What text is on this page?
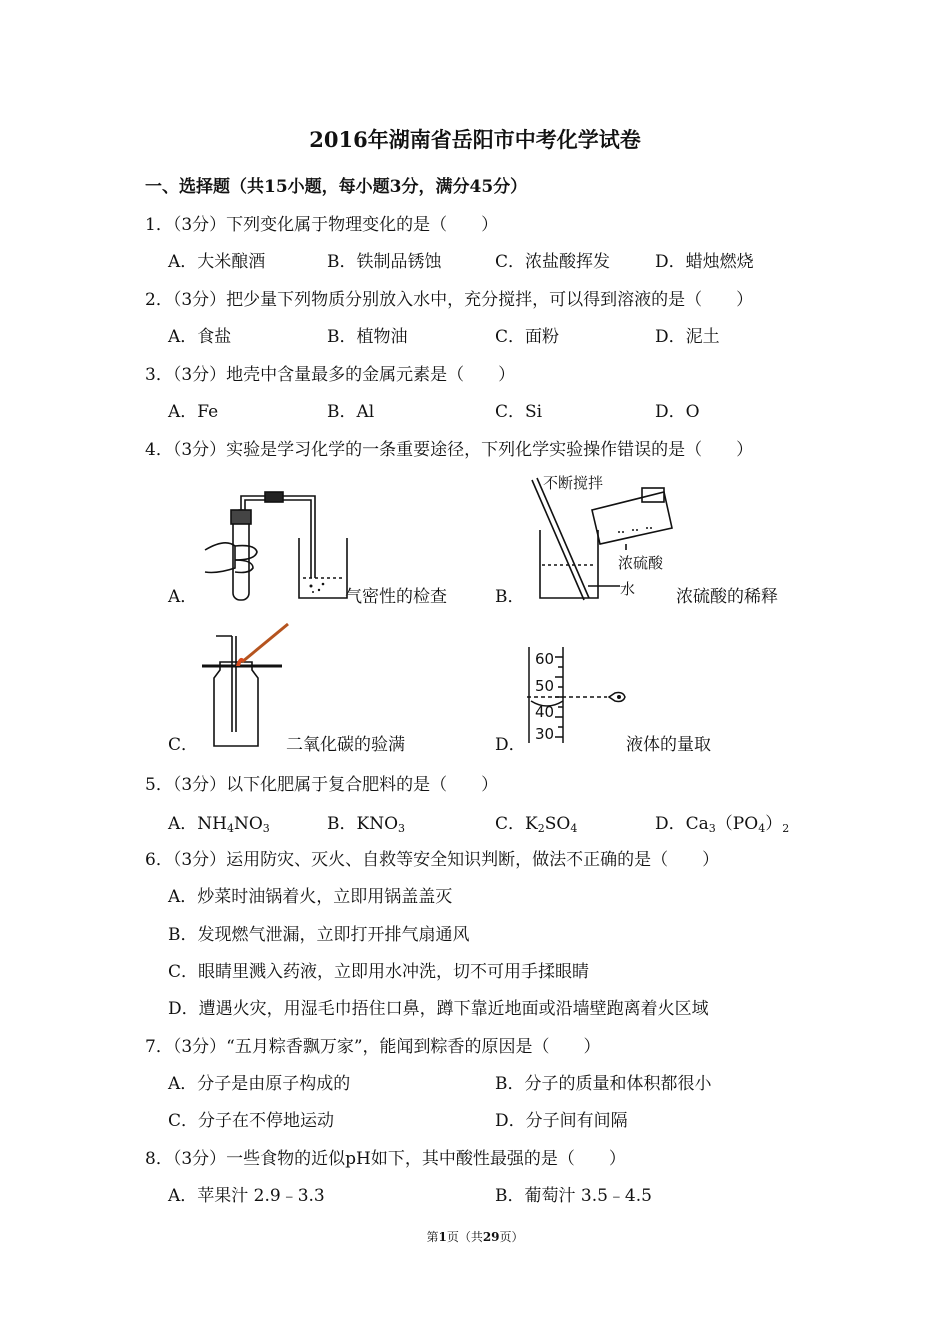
2016年湖南省岳阳市中考化学试卷
一、选择题（共15小题，每小题3分，满分45分）
1．（3分）下列变化属于物理变化的是（　　）
A．大米酿酒	B．铁制品锈蚀	C．浓盐酸挥发	D．蜡烛燃烧
2．（3分）把少量下列物质分别放入水中，充分搅拌，可以得到溶液的是（　　）
A．食盐	B．植物油	C．面粉	D．泥土
3．（3分）地壳中含量最多的金属元素是（　　）
A．Fe	B．Al	C．Si	D．O
4．（3分）实验是学习化学的一条重要途径，下列化学实验操作错误的是（　　）
A．	气密性的检查
不断搅拌
浓硫酸
水
B．	浓硫酸的稀释
C．	二氧化碳的验满
60
50
40
30
D．	液体的量取
5．（3分）以下化肥属于复合肥料的是（　　）
A．$NH_4NO_3$	B．$KNO_3$	C．$K_2SO_4$	D．$Ca_3(PO_4)_2$
6．（3分）运用防灾、灭火、自救等安全知识判断，做法不正确的是（　　）
A．炒菜时油锅着火，立即用锅盖盖灭
B．发现燃气泄漏，立即打开排气扇通风
C．眼睛里溅入药液，立即用水冲洗，切不可用手揉眼睛
D．遭遇火灾，用湿毛巾捂住口鼻，蹲下靠近地面或沿墙壁跑离着火区域
7．（3分）“五月粽香飘万家”，能闻到粽香的原因是（　　）
A．分子是由原子构成的	B．分子的质量和体积都很小
C．分子在不停地运动	D．分子间有间隔
8．（3分）一些食物的近似pH如下，其中酸性最强的是（　　）
A．苹果汁 2.9﹣3.3	B．葡萄汁 3.5﹣4.5
第1页（共29页）
